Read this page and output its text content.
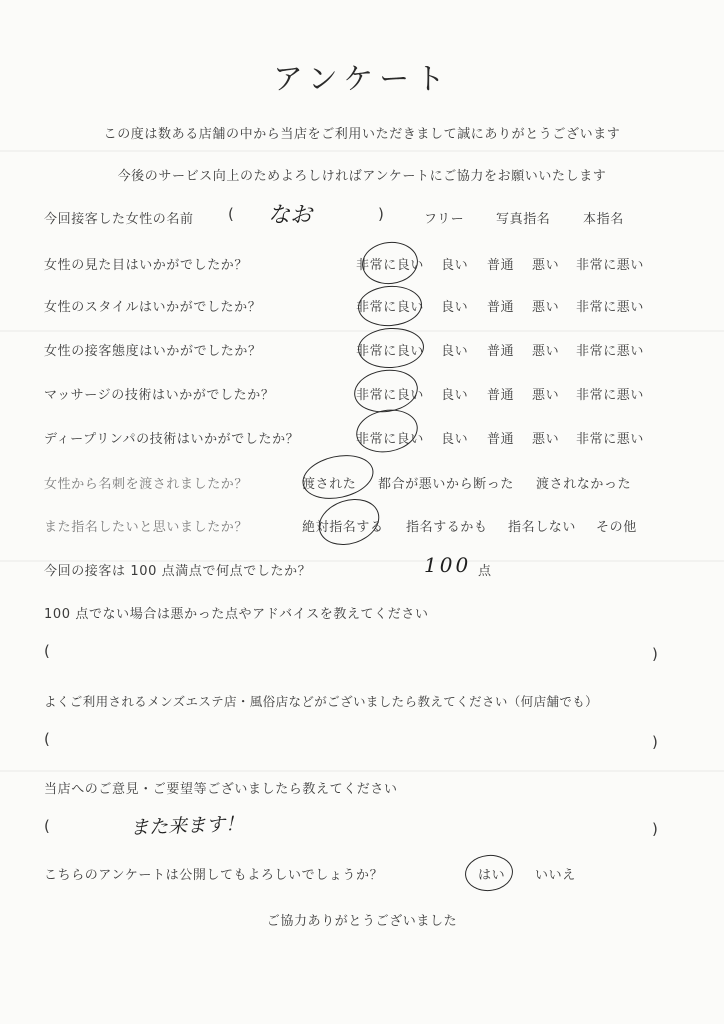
アンケート
この度は数ある店舗の中から当店をご利用いただきまして誠にありがとうございます
今後のサービス向上のためよろしければアンケートにご協力をお願いいたします
今回接客した女性の名前 ( なお	)	フリー 写真指名	本指名
女性の見た目はいかがでしたか？	非常に良い 良い 普通 悪い 非常に悪い
女性のスタイルはいかがでしたか？	非常に良い 良い 普通 悪い 非常に悪い
女性の接客態度はいかがでしたか？	非常に良い 良い 普通 悪い 非常に悪い
マッサージの技術はいかがでしたか？	非常に良い 良い 普通 悪い 非常に悪い
ディープリンパの技術はいかがでしたか？	非常に良い 良い 普通 悪い 非常に悪い
女性から名刺を渡されましたか？	渡された 都合が悪いから断った 渡されなかった
また指名したいと思いましたか？	絶対指名する 指名するかも 指名しない その他
今回の接客は 100 点満点で何点でしたか？	100 点
100 点でない場合は悪かった点やアドバイスを教えてください
(	)
よくご利用されるメンズエステ店・風俗店などがございましたら教えてください（何店舗でも）
(	)
当店へのご意見・ご要望等ございましたら教えてください
(	また来ます！	)
こちらのアンケートは公開してもよろしいでしょうか？	はい いいえ
ご協力ありがとうございました
